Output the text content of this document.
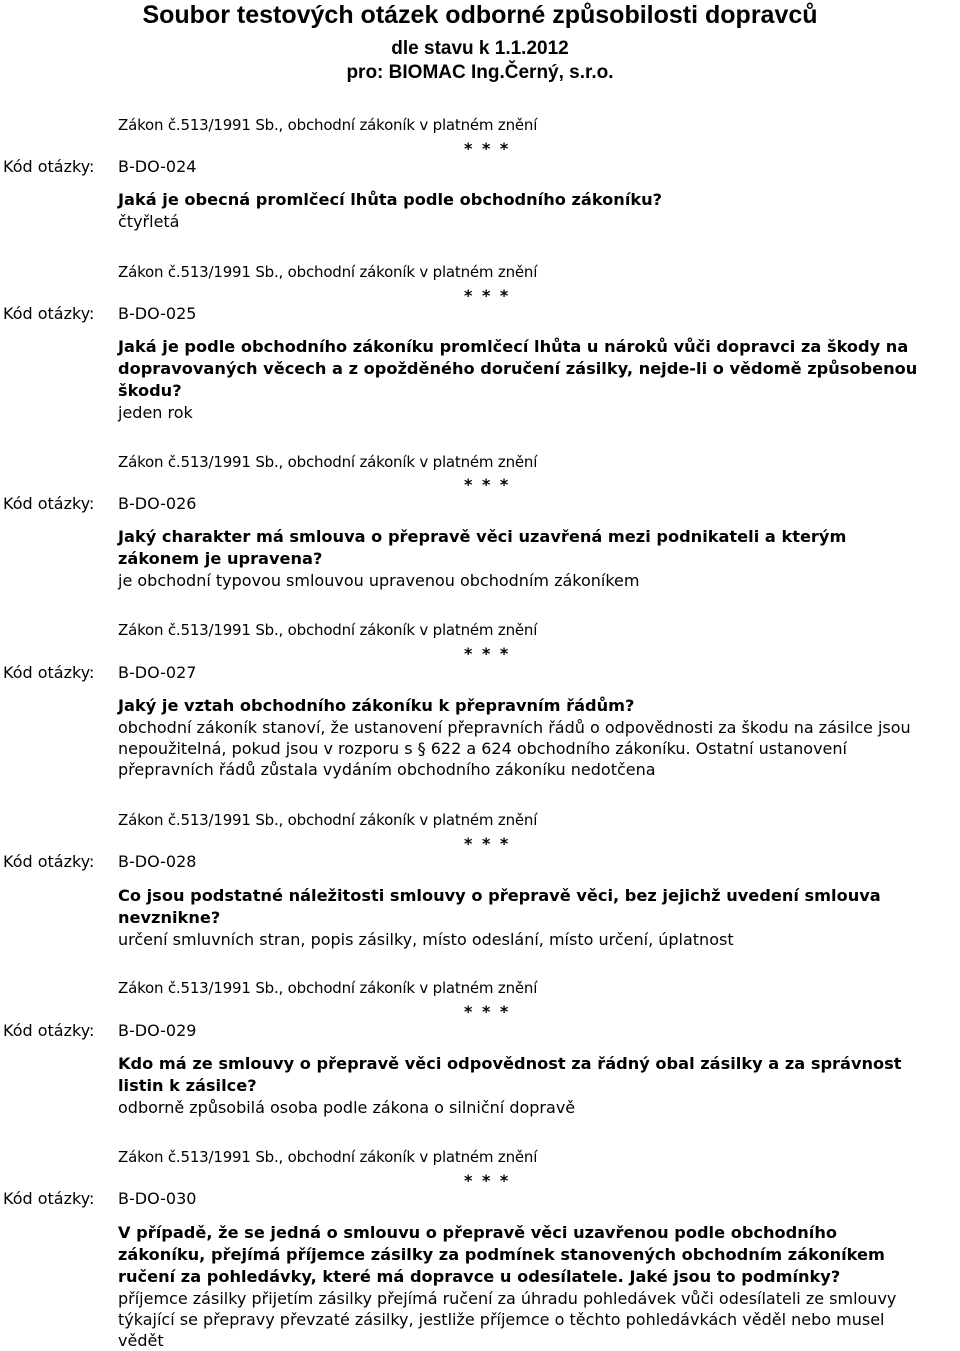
Soubor testových otázek odborné způsobilosti dopravců
dle stavu k 1.1.2012
pro: BIOMAC Ing.Černý, s.r.o.
Zákon č.513/1991 Sb., obchodní zákoník v platném znění
* * *
Kód otázky: B-DO-024
Jaká je obecná promlčecí lhůta podle obchodního zákoníku?
čtyřletá
Zákon č.513/1991 Sb., obchodní zákoník v platném znění
* * *
Kód otázky: B-DO-025
Jaká je podle obchodního zákoníku promlčecí lhůta u nároků vůči dopravci za škody na dopravovaných věcech a z opožděného doručení zásilky, nejde-li o vědomě způsobenou škodu?
jeden rok
Zákon č.513/1991 Sb., obchodní zákoník v platném znění
* * *
Kód otázky: B-DO-026
Jaký charakter má smlouva o přepravě věci uzavřená mezi podnikateli a kterým zákonem je upravena?
je obchodní typovou smlouvou upravenou obchodním zákoníkem
Zákon č.513/1991 Sb., obchodní zákoník v platném znění
* * *
Kód otázky: B-DO-027
Jaký je vztah obchodního zákoníku k přepravním řádům?
obchodní zákoník stanoví, že ustanovení přepravních řádů o odpovědnosti za škodu na zásilce jsou nepoužitelná, pokud jsou v rozporu s § 622 a 624 obchodního zákoníku. Ostatní ustanovení přepravních řádů zůstala vydáním obchodního zákoníku nedotčena
Zákon č.513/1991 Sb., obchodní zákoník v platném znění
* * *
Kód otázky: B-DO-028
Co jsou podstatné náležitosti smlouvy o přepravě věci, bez jejichž uvedení smlouva nevznikne?
určení smluvních stran, popis zásilky, místo odeslání, místo určení, úplatnost
Zákon č.513/1991 Sb., obchodní zákoník v platném znění
* * *
Kód otázky: B-DO-029
Kdo má ze smlouvy o přepravě věci odpovědnost za řádný obal zásilky a za správnost listin k zásilce?
odborně způsobilá osoba podle zákona o silniční dopravě
Zákon č.513/1991 Sb., obchodní zákoník v platném znění
* * *
Kód otázky: B-DO-030
V případě, že se jedná o smlouvu o přepravě věci uzavřenou podle obchodního zákoníku, přejímá příjemce zásilky za podmínek stanovených obchodním zákoníkem ručení za pohledávky, které má dopravce u odesílatele. Jaké jsou to podmínky?
příjemce zásilky přijetím zásilky přejímá ručení za úhradu pohledávek vůči odesílateli ze smlouvy týkající se přepravy převzaté zásilky, jestliže příjemce o těchto pohledávkách věděl nebo musel vědět
